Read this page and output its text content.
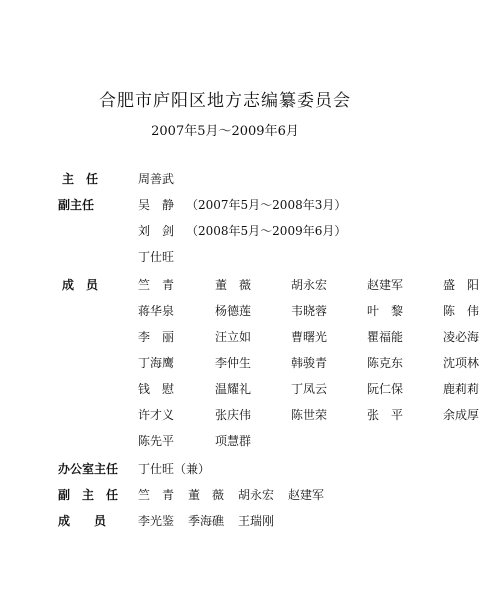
合肥市庐阳区地方志编纂委员会
2007年5月～2009年6月
主　任	周善武
副主任	吴　静 （2007年5月～2008年3月）
刘　剑 （2008年5月～2009年6月）
丁仕旺
成　员	竺　青	董　薇	胡永宏	赵建军	盛　阳
蒋华泉	杨德莲	韦晓蓉	叶　黎	陈　伟
李　丽	汪立如	曹曙光	瞿福能	凌必海
丁海鹰	李仲生	韩骏青	陈克东	沈项林
钱　慰	温耀礼	丁凤云	阮仁保	鹿莉莉
许才义	张庆伟	陈世荣	张　平	余成厚
陈先平	项慧群
办公室主任 丁仕旺（兼）
副　主　任 竺　青 董　薇 胡永宏 赵建军
成　　员	李光鉴 季海礁 王瑞刚
